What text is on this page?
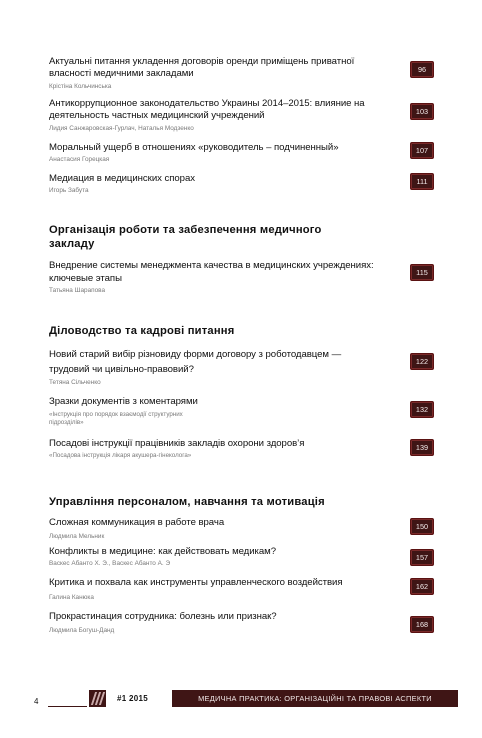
Актуальні питання укладення договорів оренди приміщень приватної власності медичними закладами
Крістіна Кольчинська
96
Антикоррупционное законодательство Украины 2014–2015: влияние на деятельность частных медицинский учреждений
Лидия Санжаровская-Гурлач, Наталья Модзенко
103
Моральный ущерб в отношениях «руководитель – подчиненный»
Анастасия Горецкая
107
Медиация в медицинских спорах
Игорь Забута
111
Організація роботи та забезпечення медичного закладу
Внедрение системы менеджмента качества в медицинских учреждениях: ключевые этапы
Татьяна Шарапова
115
Діловодство та кадрові питання
Новий старий вибір різновиду форми договору з роботодавцем — трудовий чи цивільно-правовий?
Тетяна Сільченко
122
Зразки документів з коментарями
«Інструкція про порядок взаємодії структурних підрозділів»
132
Посадові інструкції працівників закладів охорони здоров’я
«Посадова інструкція лікаря акушера-гінеколога»
139
Управління персоналом, навчання та мотивація
Сложная коммуникация в работе врача
Людмила Мельник
150
Конфликты в медицине: как действовать медикам?
Васкес Абанто Х. Э., Васкес Абанто А. Э
157
Критика и похвала как инструменты управленческого воздействия
Галина Канюка
162
Прокрастинация сотрудника: болезнь или признак?
Людмила Богуш-Данд
168
4	#1 2015	МЕДИЧНА ПРАКТИКА: ОРГАНІЗАЦІЙНІ ТА ПРАВОВІ АСПЕКТИ
